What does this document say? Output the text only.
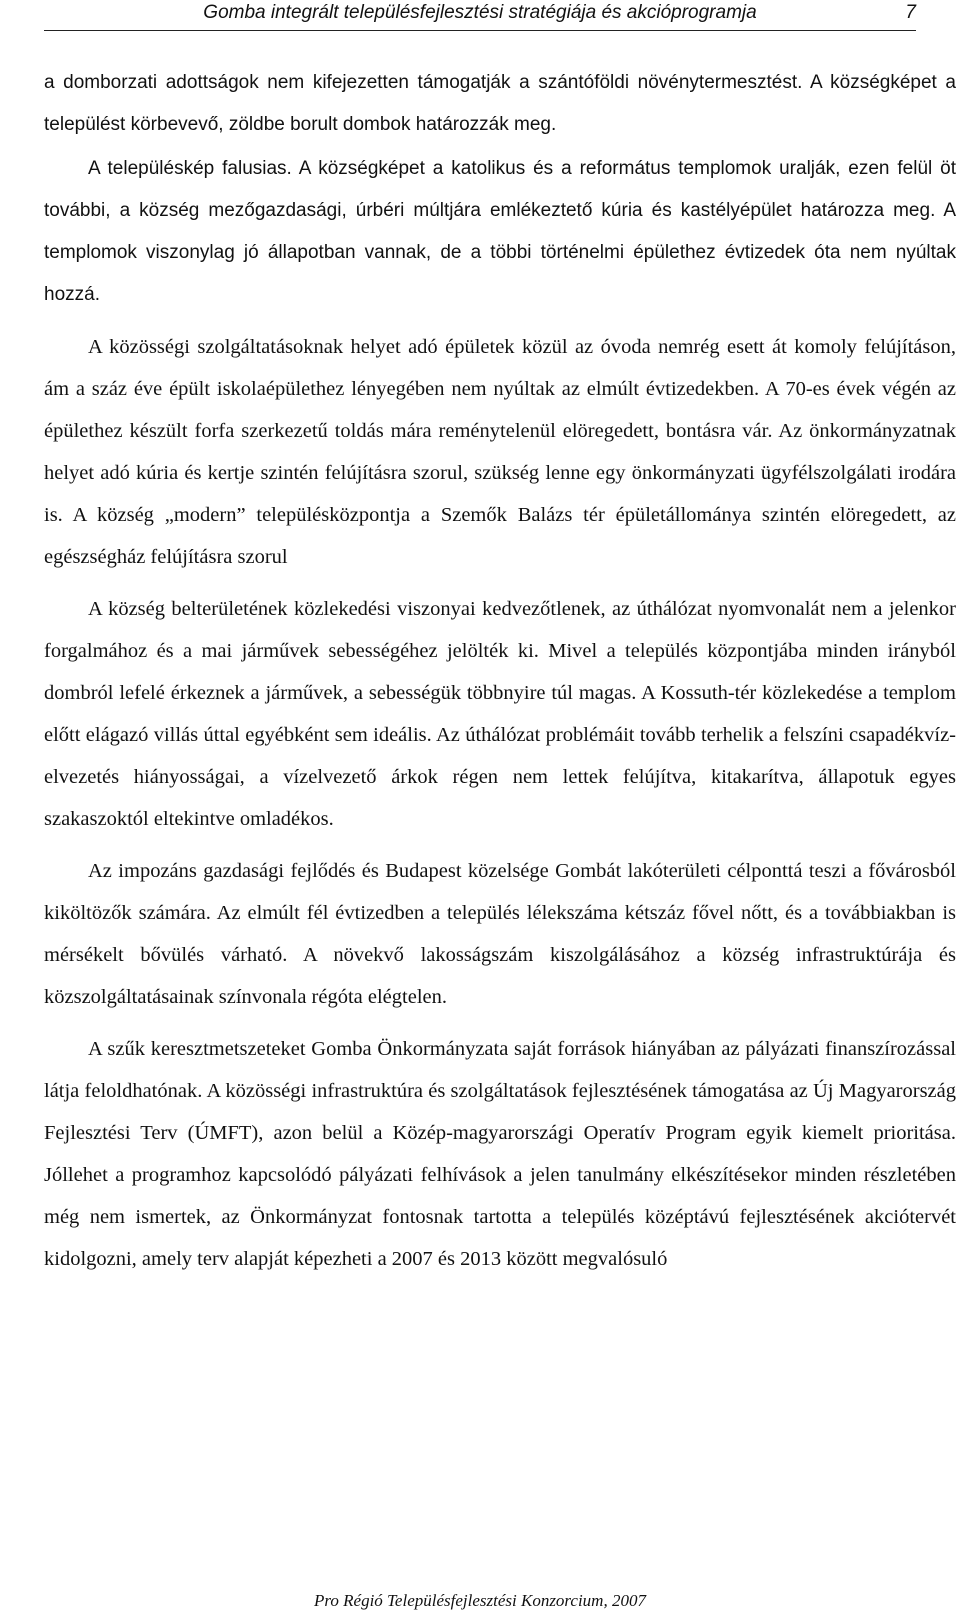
Gomba integrált településfejlesztési stratégiája és akcióprogramja	7

a domborzati adottságok nem kifejezetten támogatják a szántóföldi növénytermesztést. A községképet a települést körbevevő, zöldbe borult dombok határozzák meg.

A településkép falusias. A községképet a katolikus és a református templomok uralják, ezen felül öt további, a község mezőgazdasági, úrbéri múltjára emlékeztető kúria és kastélyépület határozza meg. A templomok viszonylag jó állapotban vannak, de a többi történelmi épülethez évtizedek óta nem nyúltak hozzá.

A közösségi szolgáltatásoknak helyet adó épületek közül az óvoda nemrég esett át komoly felújításon, ám a száz éve épült iskolaépülethez lényegében nem nyúltak az elmúlt évtizedekben. A 70-es évek végén az épülethez készült forfa szerkezetű toldás mára reménytelenül elöregedett, bontásra vár. Az önkormányzatnak helyet adó kúria és kertje szintén felújításra szorul, szükség lenne egy önkormányzati ügyfélszolgálati irodára is. A község „modern” településközpontja a Szemők Balázs tér épületállománya szintén elöregedett, az egészségház felújításra szorul

A község belterületének közlekedési viszonyai kedvezőtlenek, az úthálózat nyomvonalát nem a jelenkor forgalmához és a mai járművek sebességéhez jelölték ki. Mivel a település központjába minden irányból dombról lefelé érkeznek a járművek, a sebességük többnyire túl magas. A Kossuth-tér közlekedése a templom előtt elágazó villás úttal egyébként sem ideális. Az úthálózat problémáit tovább terhelik a felszíni csapadékvíz-elvezetés hiányosságai, a vízelvezető árkok régen nem lettek felújítva, kitakarítva, állapotuk egyes szakaszoktól eltekintve omladékos.

Az impozáns gazdasági fejlődés és Budapest közelsége Gombát lakóterületi célponttá teszi a fővárosból kiköltözők számára. Az elmúlt fél évtizedben a település lélekszáma kétszáz fővel nőtt, és a továbbiakban is mérsékelt bővülés várható. A növekvő lakosságszám kiszolgálásához a község infrastruktúrája és közszolgáltatásainak színvonala régóta elégtelen.

A szűk keresztmetszeteket Gomba Önkormányzata saját források hiányában az pályázati finanszírozással látja feloldhatónak. A közösségi infrastruktúra és szolgáltatások fejlesztésének támogatása az Új Magyarország Fejlesztési Terv (ÚMFT), azon belül a Közép-magyarországi Operatív Program egyik kiemelt prioritása. Jóllehet a programhoz kapcsolódó pályázati felhívások a jelen tanulmány elkészítésekor minden részletében még nem ismertek, az Önkormányzat fontosnak tartotta a település középtávú fejlesztésének akciótervét kidolgozni, amely terv alapját képezheti a 2007 és 2013 között megvalósuló

Pro Régió Településfejlesztési Konzorcium, 2007
